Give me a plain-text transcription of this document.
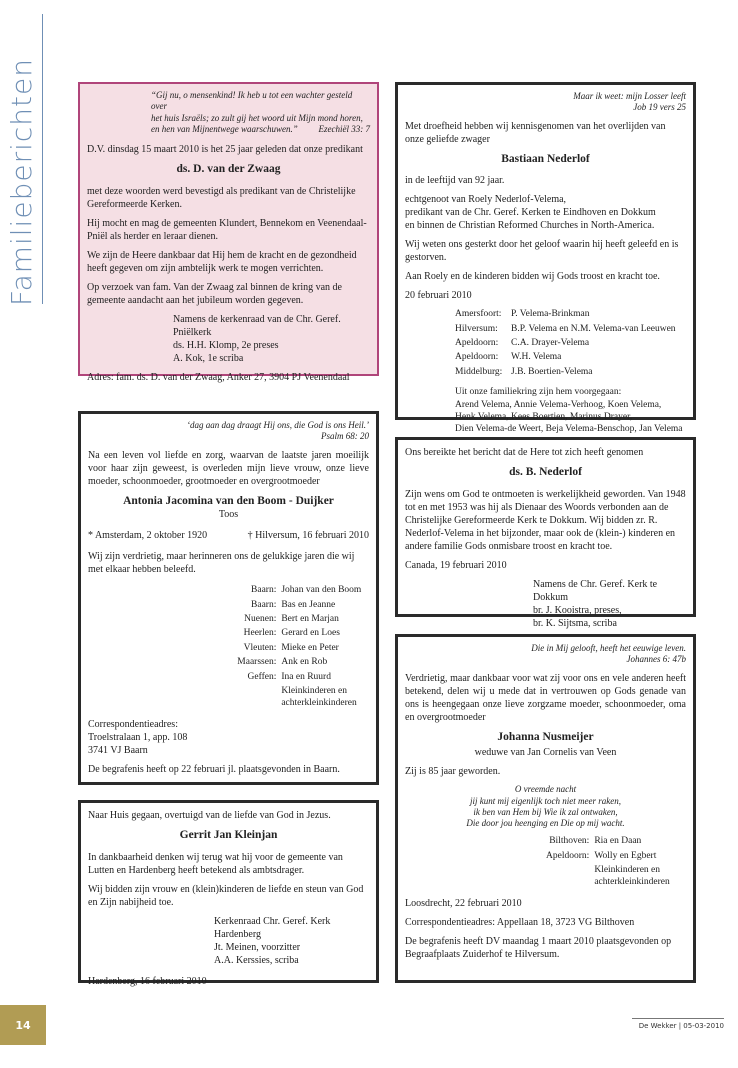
Familieberichten	“Gij nu, o mensenkind! Ik heb u tot een wachter gesteld over
het huis Israëls; zo zult gij het woord uit Mijn mond horen,
en hen van Mijnentwege waarschuwen.” Ezechiël 33: 7
D.V. dinsdag 15 maart 2010 is het 25 jaar geleden dat onze predikant
ds. D. van der Zwaag
met deze woorden werd bevestigd als predikant van de Christelijke Gereformeerde Kerken.
Hij mocht en mag de gemeenten Klundert, Bennekom en Veenendaal-Pniël als herder en leraar dienen.
We zijn de Heere dankbaar dat Hij hem de kracht en de gezondheid heeft gegeven om zijn ambtelijk werk te mogen verrichten.
Op verzoek van fam. Van der Zwaag zal binnen de kring van de gemeente aandacht aan het jubileum worden gegeven.
Namens de kerkenraad van de Chr. Geref. Pniëlkerk
ds. H.H. Klomp, 2e preses
A. Kok, 1e scriba
Adres: fam. ds. D. van der Zwaag, Anker 27, 3904 PJ Veenendaal
Maar ik weet: mijn Losser leeft
Job 19 vers 25
Met droefheid hebben wij kennisgenomen van het overlijden van onze geliefde zwager
Bastiaan Nederlof
in de leeftijd van 92 jaar.
echtgenoot van Roely Nederlof-Velema,
predikant van de Chr. Geref. Kerken te Eindhoven en Dokkum
en binnen de Christian Reformed Churches in North-America.
Wij weten ons gesterkt door het geloof waarin hij heeft geleefd en is gestorven.
Aan Roely en de kinderen bidden wij Gods troost en kracht toe.
20 februari 2010
Amersfoort:	P. Velema-Brinkman
Hilversum:	B.P. Velema en N.M. Velema-van Leeuwen
Apeldoorn:	C.A. Drayer-Velema
Apeldoorn:	W.H. Velema
Middelburg:	J.B. Boertien-Velema
Uit onze familiekring zijn hem voorgegaan:
Arend Velema, Annie Velema-Verhoog, Koen Velema,
Henk Velema, Kees Boertien, Marinus Drayer,
Dien Velema-de Weert, Beja Velema-Benschop, Jan Velema
‘dag aan dag draagt Hij ons, die God is ons Heil.’
Psalm 68: 20
Na een leven vol liefde en zorg, waarvan de laatste jaren moeilijk voor haar zijn geweest, is overleden mijn lieve vrouw, onze lieve moeder, schoonmoeder, grootmoeder en overgrootmoeder
Antonia Jacomina van den Boom - Duijker
Toos
* Amsterdam, 2 oktober 1920	† Hilversum, 16 februari 2010
Wij zijn verdrietig, maar herinneren ons de gelukkige jaren die wij met elkaar hebben beleefd.
Baarn:	Johan van den Boom
Baarn:	Bas en Jeanne
Nuenen:	Bert en Marjan
Heerlen:	Gerard en Loes
Vleuten:	Mieke en Peter
Maarssen:	Ank en Rob
Geffen:	Ina en Ruurd
	Kleinkinderen en achterkleinkinderen
Correspondentieadres:
Troelstralaan 1, app. 108
3741 VJ Baarn
De begrafenis heeft op 22 februari jl. plaatsgevonden in Baarn.
Ons bereikte het bericht dat de Here tot zich heeft genomen
ds. B. Nederlof
Zijn wens om God te ontmoeten is werkelijkheid geworden. Van 1948 tot en met 1953 was hij als Dienaar des Woords verbonden aan de Christelijke Gereformeerde Kerk te Dokkum. Wij bidden zr. R. Nederlof-Velema in het bijzonder, maar ook de (klein-) kinderen en andere familie Gods onmisbare troost en kracht toe.
Canada, 19 februari 2010
Namens de Chr. Geref. Kerk te Dokkum
br. J. Kooistra, preses,
br. K. Sijtsma, scriba
Naar Huis gegaan, overtuigd van de liefde van God in Jezus.
Gerrit Jan Kleinjan
In dankbaarheid denken wij terug wat hij voor de gemeente van Lutten en Hardenberg heeft betekend als ambtsdrager.
Wij bidden zijn vrouw en (klein)kinderen de liefde en steun van God en Zijn nabijheid toe.
Kerkenraad Chr. Geref. Kerk Hardenberg
Jt. Meinen, voorzitter
A.A. Kerssies, scriba
Hardenberg, 16 februari 2010
Die in Mij gelooft, heeft het eeuwige leven.
Johannes 6: 47b
Verdrietig, maar dankbaar voor wat zij voor ons en vele anderen heeft betekend, delen wij u mede dat in vertrouwen op Gods genade van ons is heengegaan onze lieve zorgzame moeder, schoonmoeder, oma en overgrootmoeder
Johanna Nusmeijer
weduwe van Jan Cornelis van Veen
Zij is 85 jaar geworden.
O vreemde nacht
jij kunt mij eigenlijk toch niet meer raken,
ik ben van Hem bij Wie ik zal ontwaken,
Die door jou heenging en Die op mij wacht.
Bilthoven:	Ria en Daan
Apeldoorn:	Wolly en Egbert
	Kleinkinderen en achterkleinkinderen
Loosdrecht, 22 februari 2010
Correspondentieadres: Appellaan 18, 3723 VG Bilthoven
De begrafenis heeft DV maandag 1 maart 2010 plaatsgevonden op Begraafplaats Zuiderhof te Hilversum.
14	De Wekker | 05-03-2010
